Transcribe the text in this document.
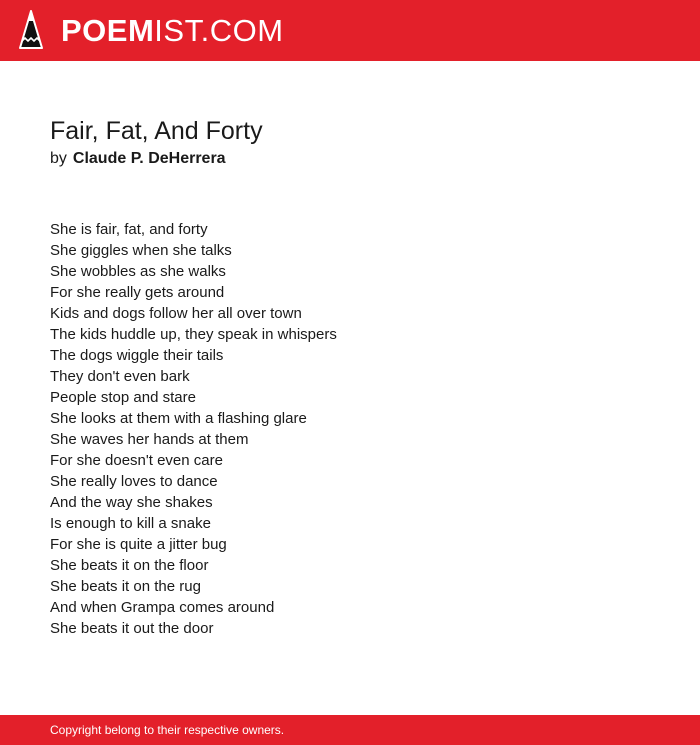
POEMIST.COM
Fair, Fat, And Forty
by Claude P. DeHerrera
She is fair, fat, and forty
She giggles when she talks
She wobbles as she walks
For she really gets around
Kids and dogs follow her all over town
The kids huddle up, they speak in whispers
The dogs wiggle their tails
They don't even bark
People stop and stare
She looks at them with a flashing glare
She waves her hands at them
For she doesn't even care
She really loves to dance
And the way she shakes
Is enough to kill a snake
For she is quite a jitter bug
She beats it on the floor
She beats it on the rug
And when Grampa comes around
She beats it out the door
Copyright belong to their respective owners.
